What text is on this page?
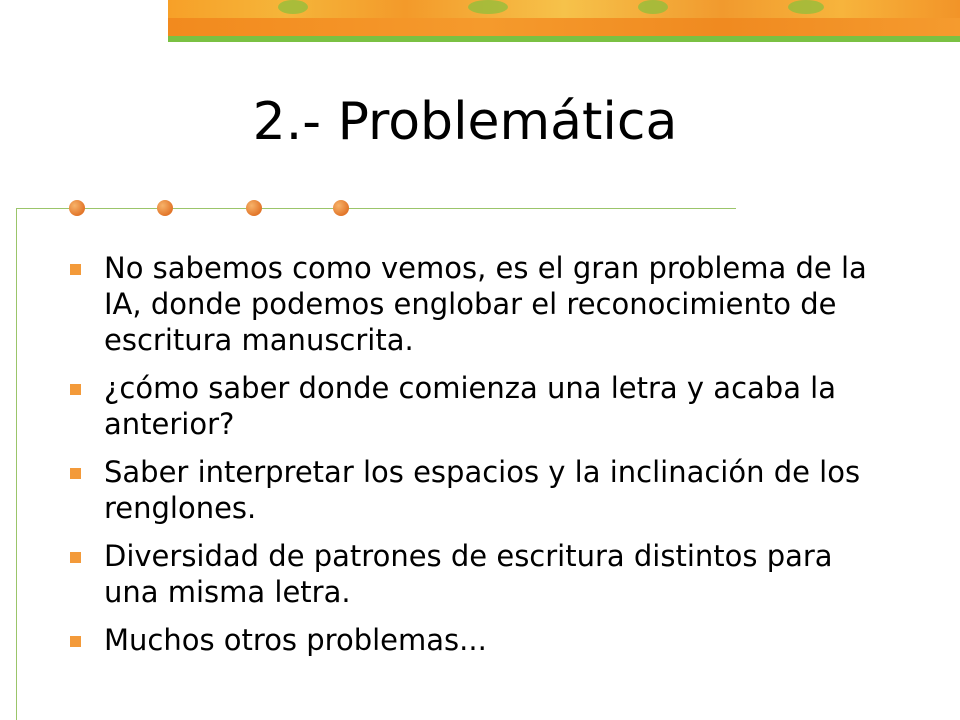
2.- Problemática
No sabemos como vemos, es el gran problema de la IA, donde podemos englobar el reconocimiento de escritura manuscrita.
¿cómo saber donde comienza una letra y acaba la anterior?
Saber interpretar los espacios y la inclinación de los renglones.
Diversidad de patrones de escritura distintos para una misma letra.
Muchos otros problemas...
